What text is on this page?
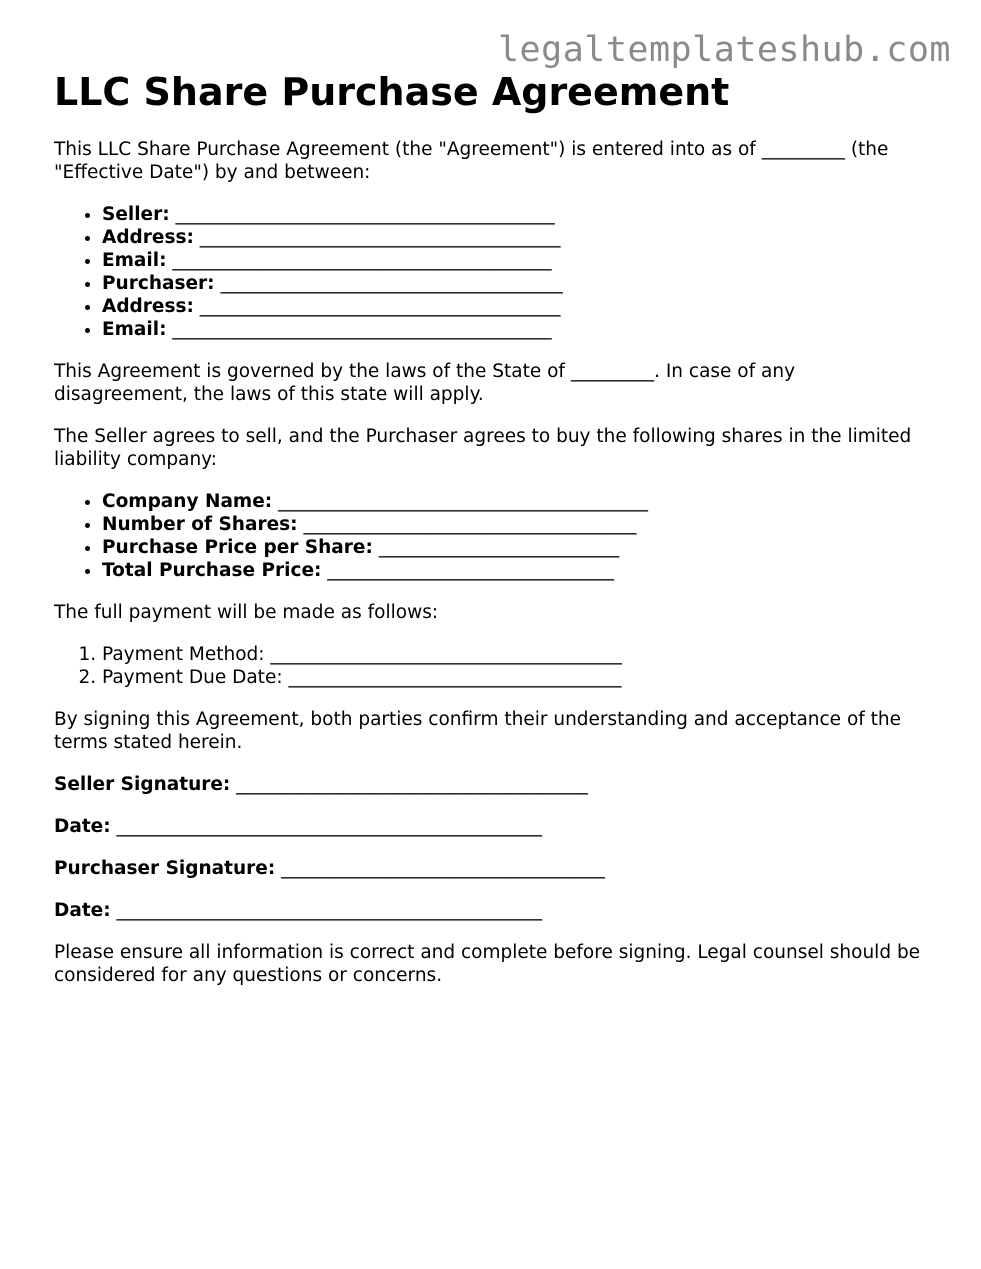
legaltemplateshub.com
LLC Share Purchase Agreement

This LLC Share Purchase Agreement (the "Agreement") is entered into as of _________ (the "Effective Date") by and between:

• Seller: _________________________________________
• Address: _______________________________________
• Email: _________________________________________
• Purchaser: _____________________________________
• Address: _______________________________________
• Email: _________________________________________

This Agreement is governed by the laws of the State of _________. In case of any disagreement, the laws of this state will apply.

The Seller agrees to sell, and the Purchaser agrees to buy the following shares in the limited liability company:

• Company Name: ________________________________________
• Number of Shares: ____________________________________
• Purchase Price per Share: __________________________
• Total Purchase Price: _______________________________

The full payment will be made as follows:

1. Payment Method: ______________________________________
2. Payment Due Date: ____________________________________

By signing this Agreement, both parties confirm their understanding and acceptance of the terms stated herein.

Seller Signature: ______________________________________
Date: ______________________________________________
Purchaser Signature: ___________________________________
Date: ______________________________________________

Please ensure all information is correct and complete before signing. Legal counsel should be considered for any questions or concerns.
